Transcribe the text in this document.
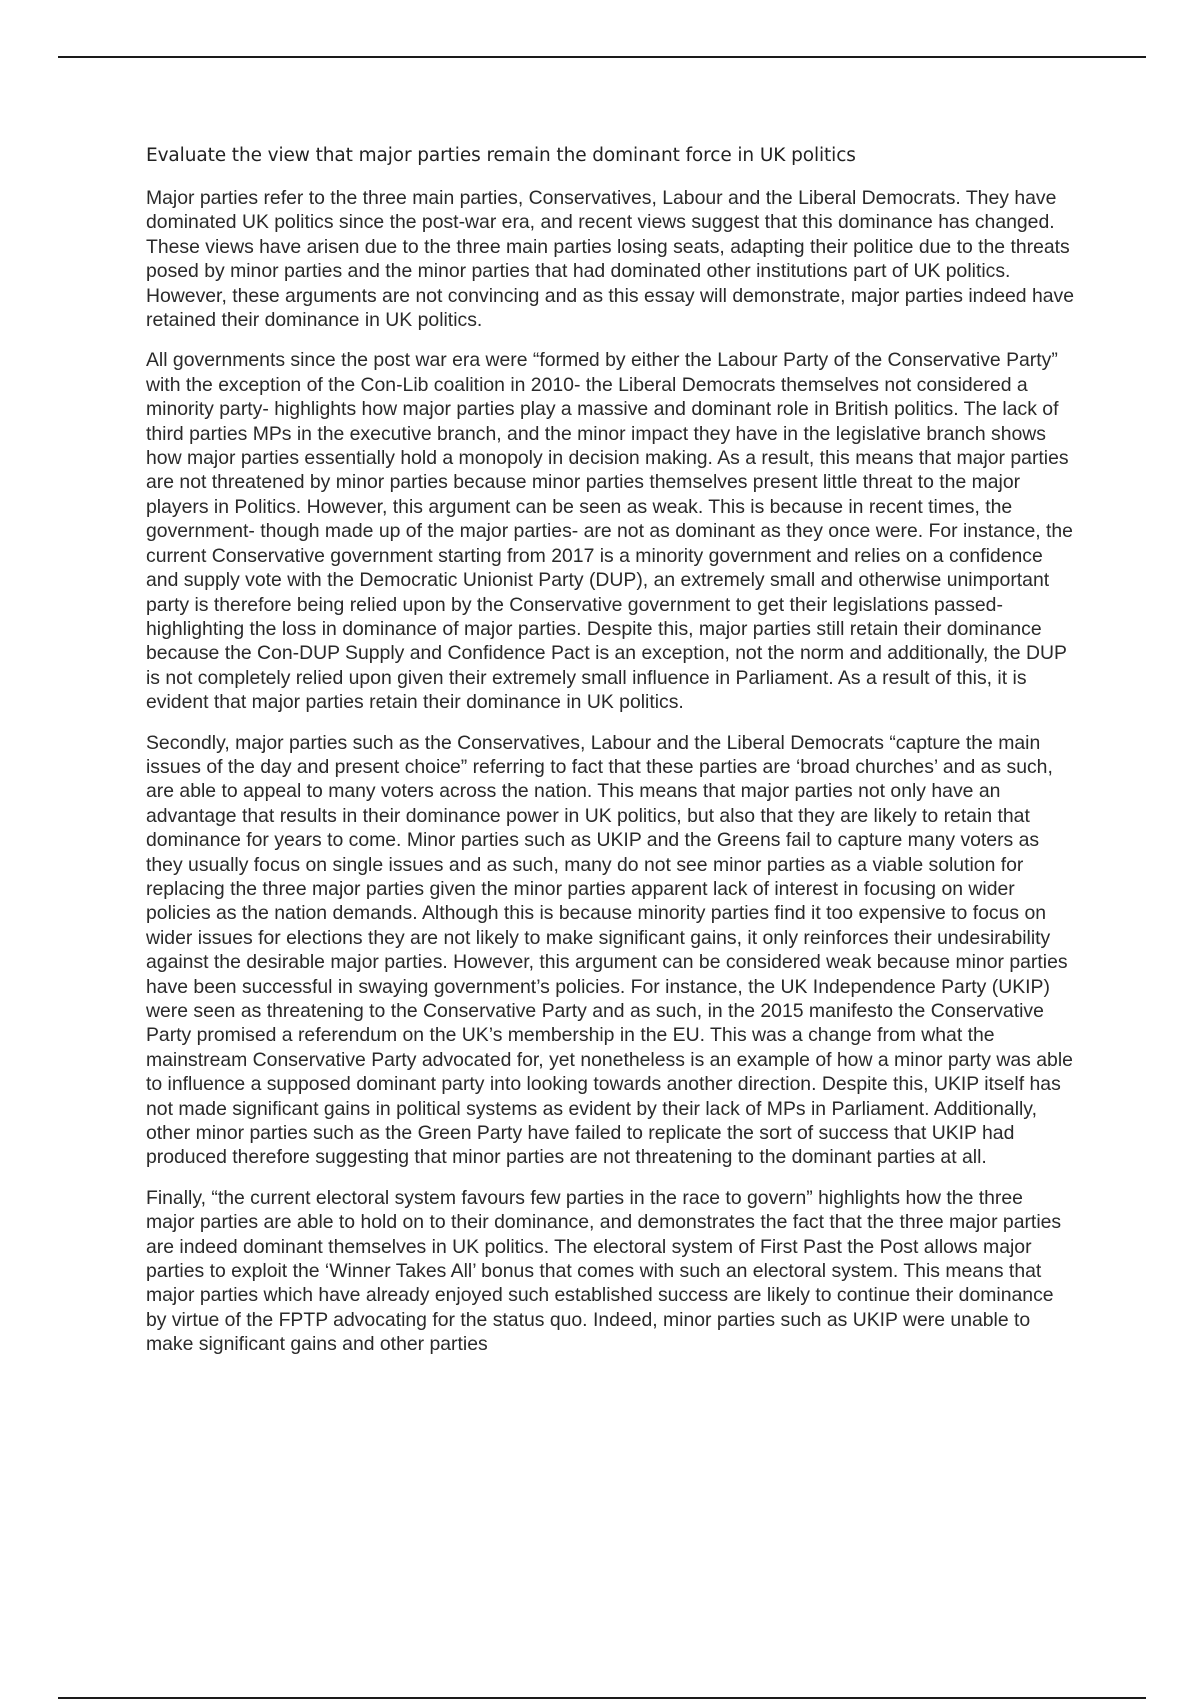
Evaluate the view that major parties remain the dominant force in UK politics

Major parties refer to the three main parties, Conservatives, Labour and the Liberal Democrats. They have dominated UK politics since the post-war era, and recent views suggest that this dominance has changed. These views have arisen due to the three main parties losing seats, adapting their politice due to the threats posed by minor parties and the minor parties that had dominated other institutions part of UK politics. However, these arguments are not convincing and as this essay will demonstrate, major parties indeed have retained their dominance in UK politics.

All governments since the post war era were “formed by either the Labour Party of the Conservative Party” with the exception of the Con-Lib coalition in 2010- the Liberal Democrats themselves not considered a minority party- highlights how major parties play a massive and dominant role in British politics. The lack of third parties MPs in the executive branch, and the minor impact they have in the legislative branch shows how major parties essentially hold a monopoly in decision making. As a result, this means that major parties are not threatened by minor parties because minor parties themselves present little threat to the major players in Politics. However, this argument can be seen as weak. This is because in recent times, the government- though made up of the major parties- are not as dominant as they once were. For instance, the current Conservative government starting from 2017 is a minority government and relies on a confidence and supply vote with the Democratic Unionist Party (DUP), an extremely small and otherwise unimportant party is therefore being relied upon by the Conservative government to get their legislations passed- highlighting the loss in dominance of major parties. Despite this, major parties still retain their dominance because the Con-DUP Supply and Confidence Pact is an exception, not the norm and additionally, the DUP is not completely relied upon given their extremely small influence in Parliament. As a result of this, it is evident that major parties retain their dominance in UK politics.

Secondly, major parties such as the Conservatives, Labour and the Liberal Democrats “capture the main issues of the day and present choice” referring to fact that these parties are ‘broad churches’ and as such, are able to appeal to many voters across the nation. This means that major parties not only have an advantage that results in their dominance power in UK politics, but also that they are likely to retain that dominance for years to come. Minor parties such as UKIP and the Greens fail to capture many voters as they usually focus on single issues and as such, many do not see minor parties as a viable solution for replacing the three major parties given the minor parties apparent lack of interest in focusing on wider policies as the nation demands. Although this is because minority parties find it too expensive to focus on wider issues for elections they are not likely to make significant gains, it only reinforces their undesirability against the desirable major parties. However, this argument can be considered weak because minor parties have been successful in swaying government’s policies. For instance, the UK Independence Party (UKIP) were seen as threatening to the Conservative Party and as such, in the 2015 manifesto the Conservative Party promised a referendum on the UK’s membership in the EU. This was a change from what the mainstream Conservative Party advocated for, yet nonetheless is an example of how a minor party was able to influence a supposed dominant party into looking towards another direction. Despite this, UKIP itself has not made significant gains in political systems as evident by their lack of MPs in Parliament. Additionally, other minor parties such as the Green Party have failed to replicate the sort of success that UKIP had produced therefore suggesting that minor parties are not threatening to the dominant parties at all.

Finally, “the current electoral system favours few parties in the race to govern” highlights how the three major parties are able to hold on to their dominance, and demonstrates the fact that the three major parties are indeed dominant themselves in UK politics. The electoral system of First Past the Post allows major parties to exploit the ‘Winner Takes All’ bonus that comes with such an electoral system. This means that major parties which have already enjoyed such established success are likely to continue their dominance by virtue of the FPTP advocating for the status quo. Indeed, minor parties such as UKIP were unable to make significant gains and other parties
